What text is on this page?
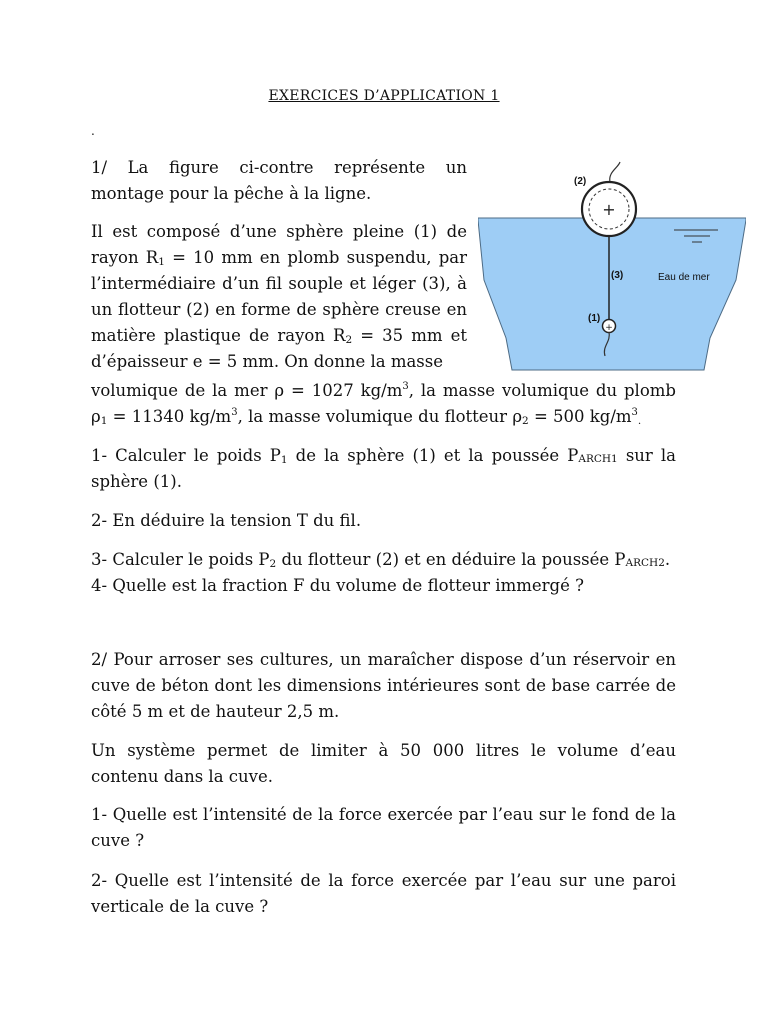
EXERCICES D’APPLICATION 1
.
1/ La figure ci-contre représente un montage pour la pêche à la ligne.
Il est composé d’une sphère pleine (1) de rayon $R_1 = 10$ mm en plomb suspendu, par l’intermédiaire d’un fil souple et léger (3), à un flotteur (2) en forme de sphère creuse en matière plastique de rayon $R_2 = 35$ mm et d’épaisseur e = 5 mm. On donne la masse
volumique de la mer ρ = 1027 $kg/m^3$, la masse volumique du plomb $\rho_1 = 11340$ $kg/m^3$, la masse volumique du flotteur $\rho_2 = 500$ $kg/m^3$.
1- Calculer le poids $P_1$ de la sphère (1) et la poussée $P_{ARCH1}$ sur la sphère (1).
2- En déduire la tension T du fil.
3- Calculer le poids $P_2$ du flotteur (2) et en déduire la poussée $P_{ARCH2}$.
4- Quelle est la fraction F du volume de flotteur immergé ?
+
+
(2)
(3)
(1)
Eau de mer
2/ Pour arroser ses cultures, un maraîcher dispose d’un réservoir en cuve de béton dont les dimensions intérieures sont de base carrée de côté 5 m et de hauteur 2,5 m.
Un système permet de limiter à 50 000 litres le volume d’eau contenu dans la cuve.
1- Quelle est l’intensité de la force exercée par l’eau sur le fond de la cuve ?
2- Quelle est l’intensité de la force exercée par l’eau sur une paroi verticale de la cuve ?
